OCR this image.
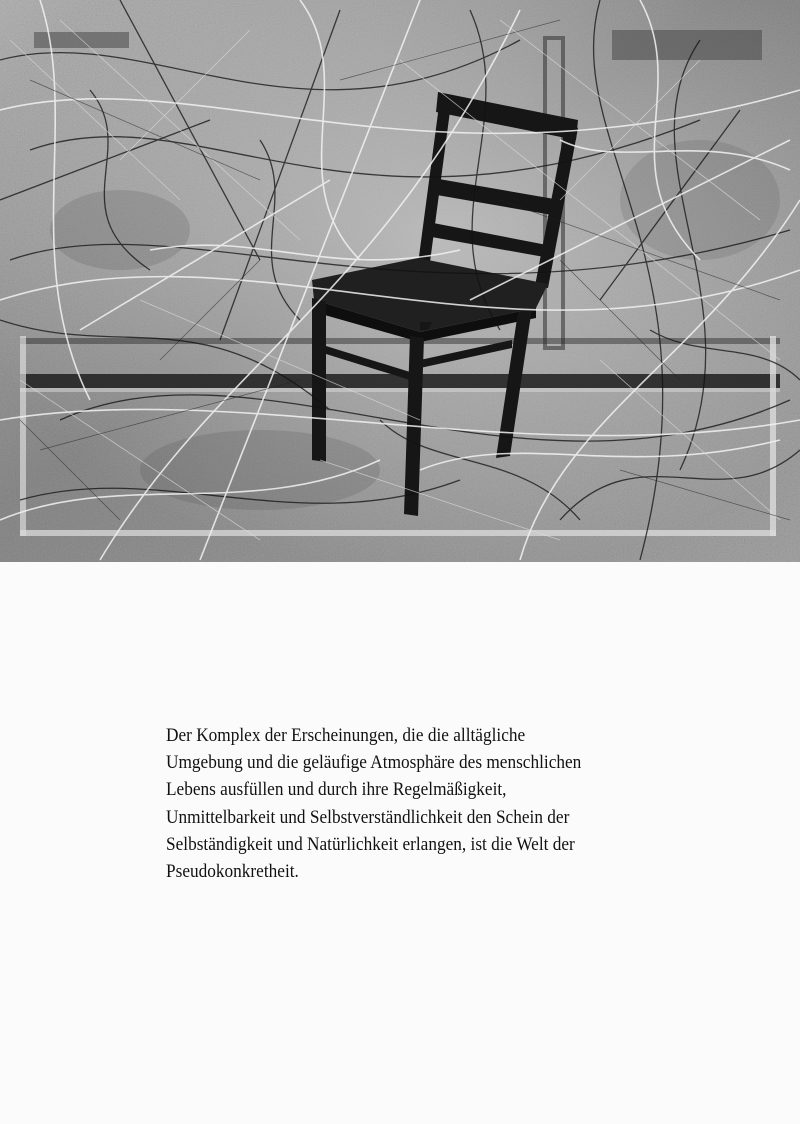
Der Komplex der Erscheinungen, die die alltägliche
Umgebung und die geläufige Atmosphäre des menschlichen
Lebens ausfüllen und durch ihre Regelmäßigkeit,
Unmittelbarkeit und Selbstverständlichkeit den Schein der
Selbständigkeit und Natürlichkeit erlangen, ist die Welt der
Pseudokonkretheit.
